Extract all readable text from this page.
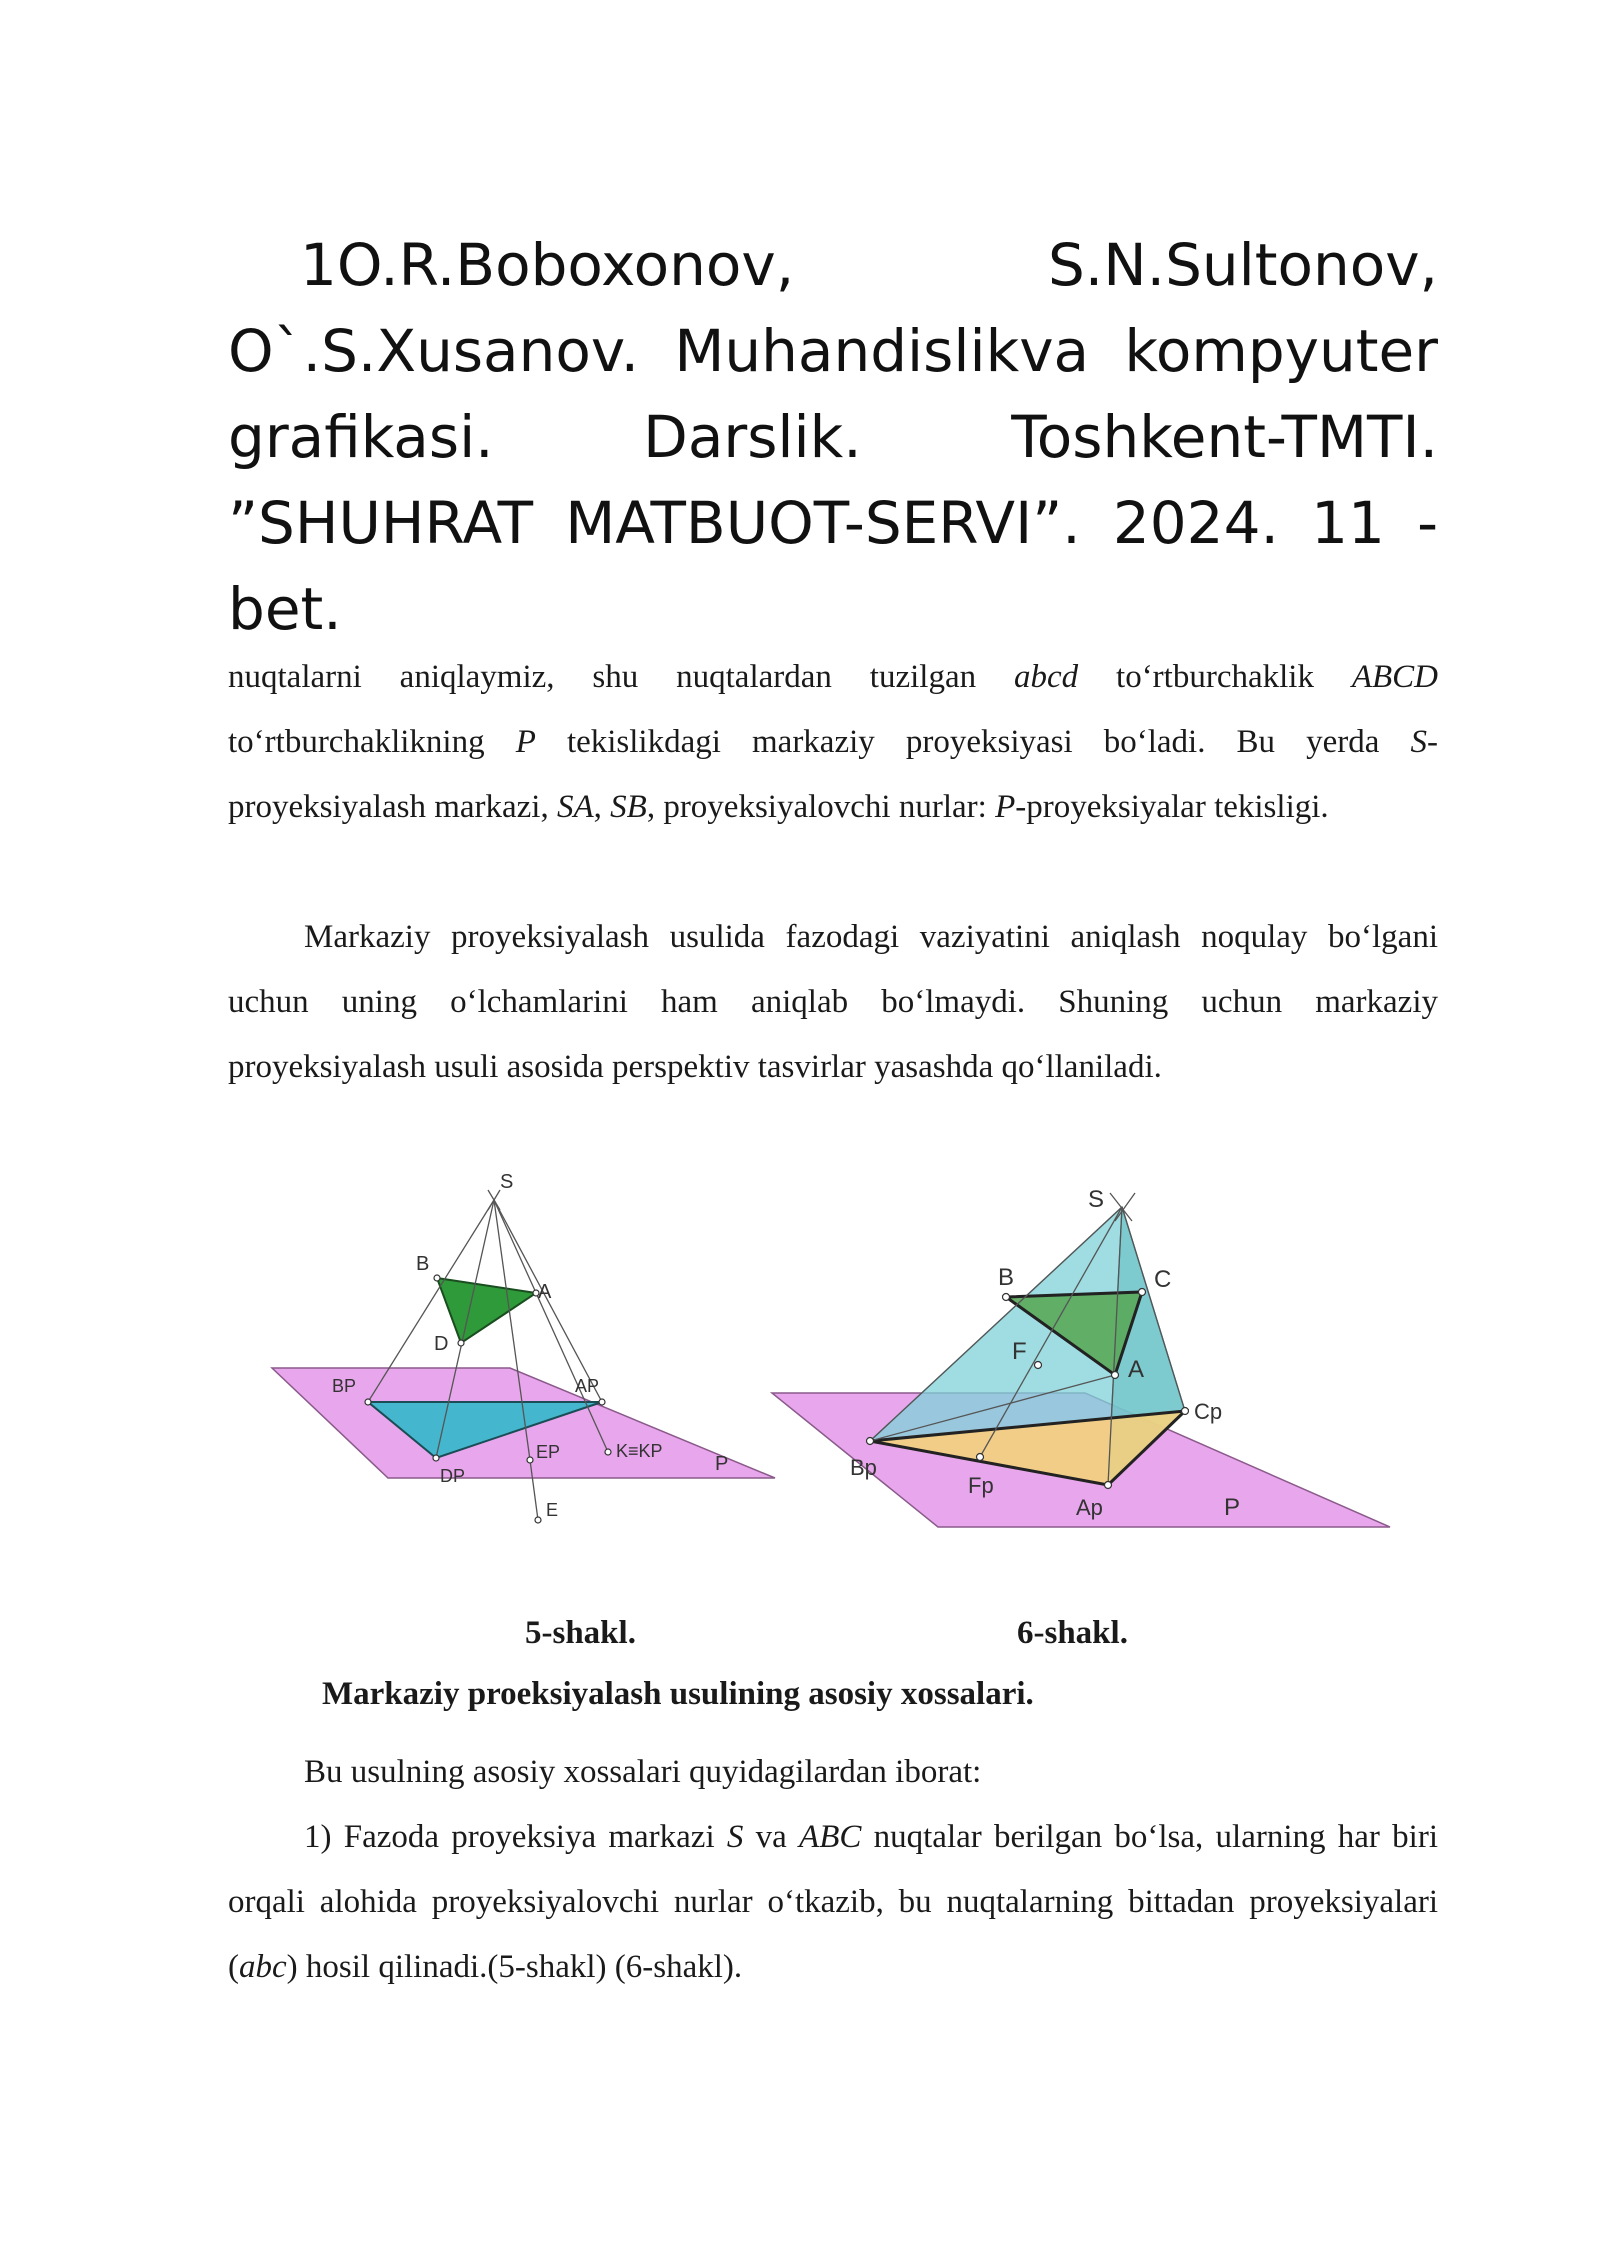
1O.R.Boboxonov, S.N.Sultonov, O`.S.Xusanov. Muhandislikva kompyuter grafikasi. Darslik. Toshkent-TMTI. ”SHUHRAT MATBUOT-SERVI”. 2024. 11 - bet.
nuqtalarni aniqlaymiz, shu nuqtalardan tuzilgan abcd to‘rtburchaklik ABCD to‘rtburchaklikning P tekislikdagi markaziy proyeksiyasi bo‘ladi. Bu yerda S-proyeksiyalash markazi, SA, SB, proyeksiyalovchi nurlar: P-proyeksiyalar tekisligi.
Markaziy proyeksiyalash usulida fazodagi vaziyatini aniqlash noqulay bo‘lgani uchun uning o‘lchamlarini ham aniqlab bo‘lmaydi. Shuning uchun markaziy proyeksiyalash usuli asosida perspektiv tasvirlar yasashda qo‘llaniladi.
S
B
A
D
BP	AP
DP
EP	K≡KP
P
E
S
B	C
F
A
Bp
Fp
Ap
Cp
P
5-shakl.	6-shakl.
Markaziy proeksiyalash usulining asosiy xossalari.
Bu usulning asosiy xossalari quyidagilardan iborat:
1) Fazoda proyeksiya markazi S va ABC nuqtalar berilgan bo‘lsa, ularning har biri orqali alohida proyeksiyalovchi nurlar o‘tkazib, bu nuqtalarning bittadan proyeksiyalari (abc) hosil qilinadi.(5-shakl) (6-shakl).
